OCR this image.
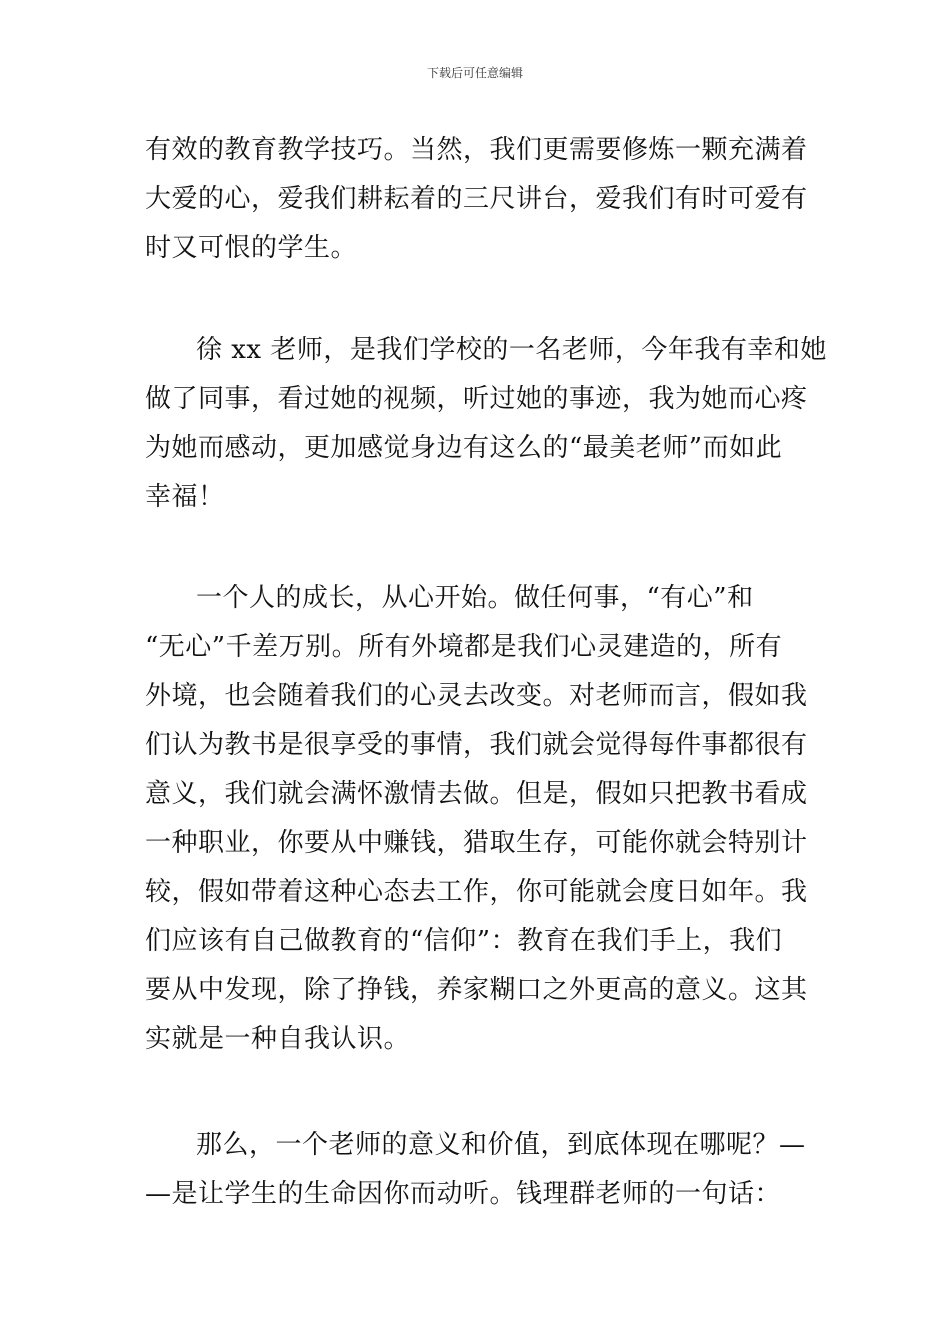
下载后可任意编辑
有效的教育教学技巧。当然，我们更需要修炼一颗充满着
大爱的心，爱我们耕耘着的三尺讲台，爱我们有时可爱有
时又可恨的学生。
徐 xx 老师，是我们学校的一名老师，今年我有幸和她
做了同事，看过她的视频，听过她的事迹，我为她而心疼
为她而感动，更加感觉身边有这么的“最美老师”而如此
幸福！
一个人的成长，从心开始。做任何事，“有心”和
“无心”千差万别。所有外境都是我们心灵建造的，所有
外境，也会随着我们的心灵去改变。对老师而言，假如我
们认为教书是很享受的事情，我们就会觉得每件事都很有
意义，我们就会满怀激情去做。但是，假如只把教书看成
一种职业，你要从中赚钱，猎取生存，可能你就会特别计
较，假如带着这种心态去工作，你可能就会度日如年。我
们应该有自己做教育的“信仰”：教育在我们手上，我们
要从中发现，除了挣钱，养家糊口之外更高的意义。这其
实就是一种自我认识。
那么，一个老师的意义和价值，到底体现在哪呢？—
—是让学生的生命因你而动听。钱理群老师的一句话：
